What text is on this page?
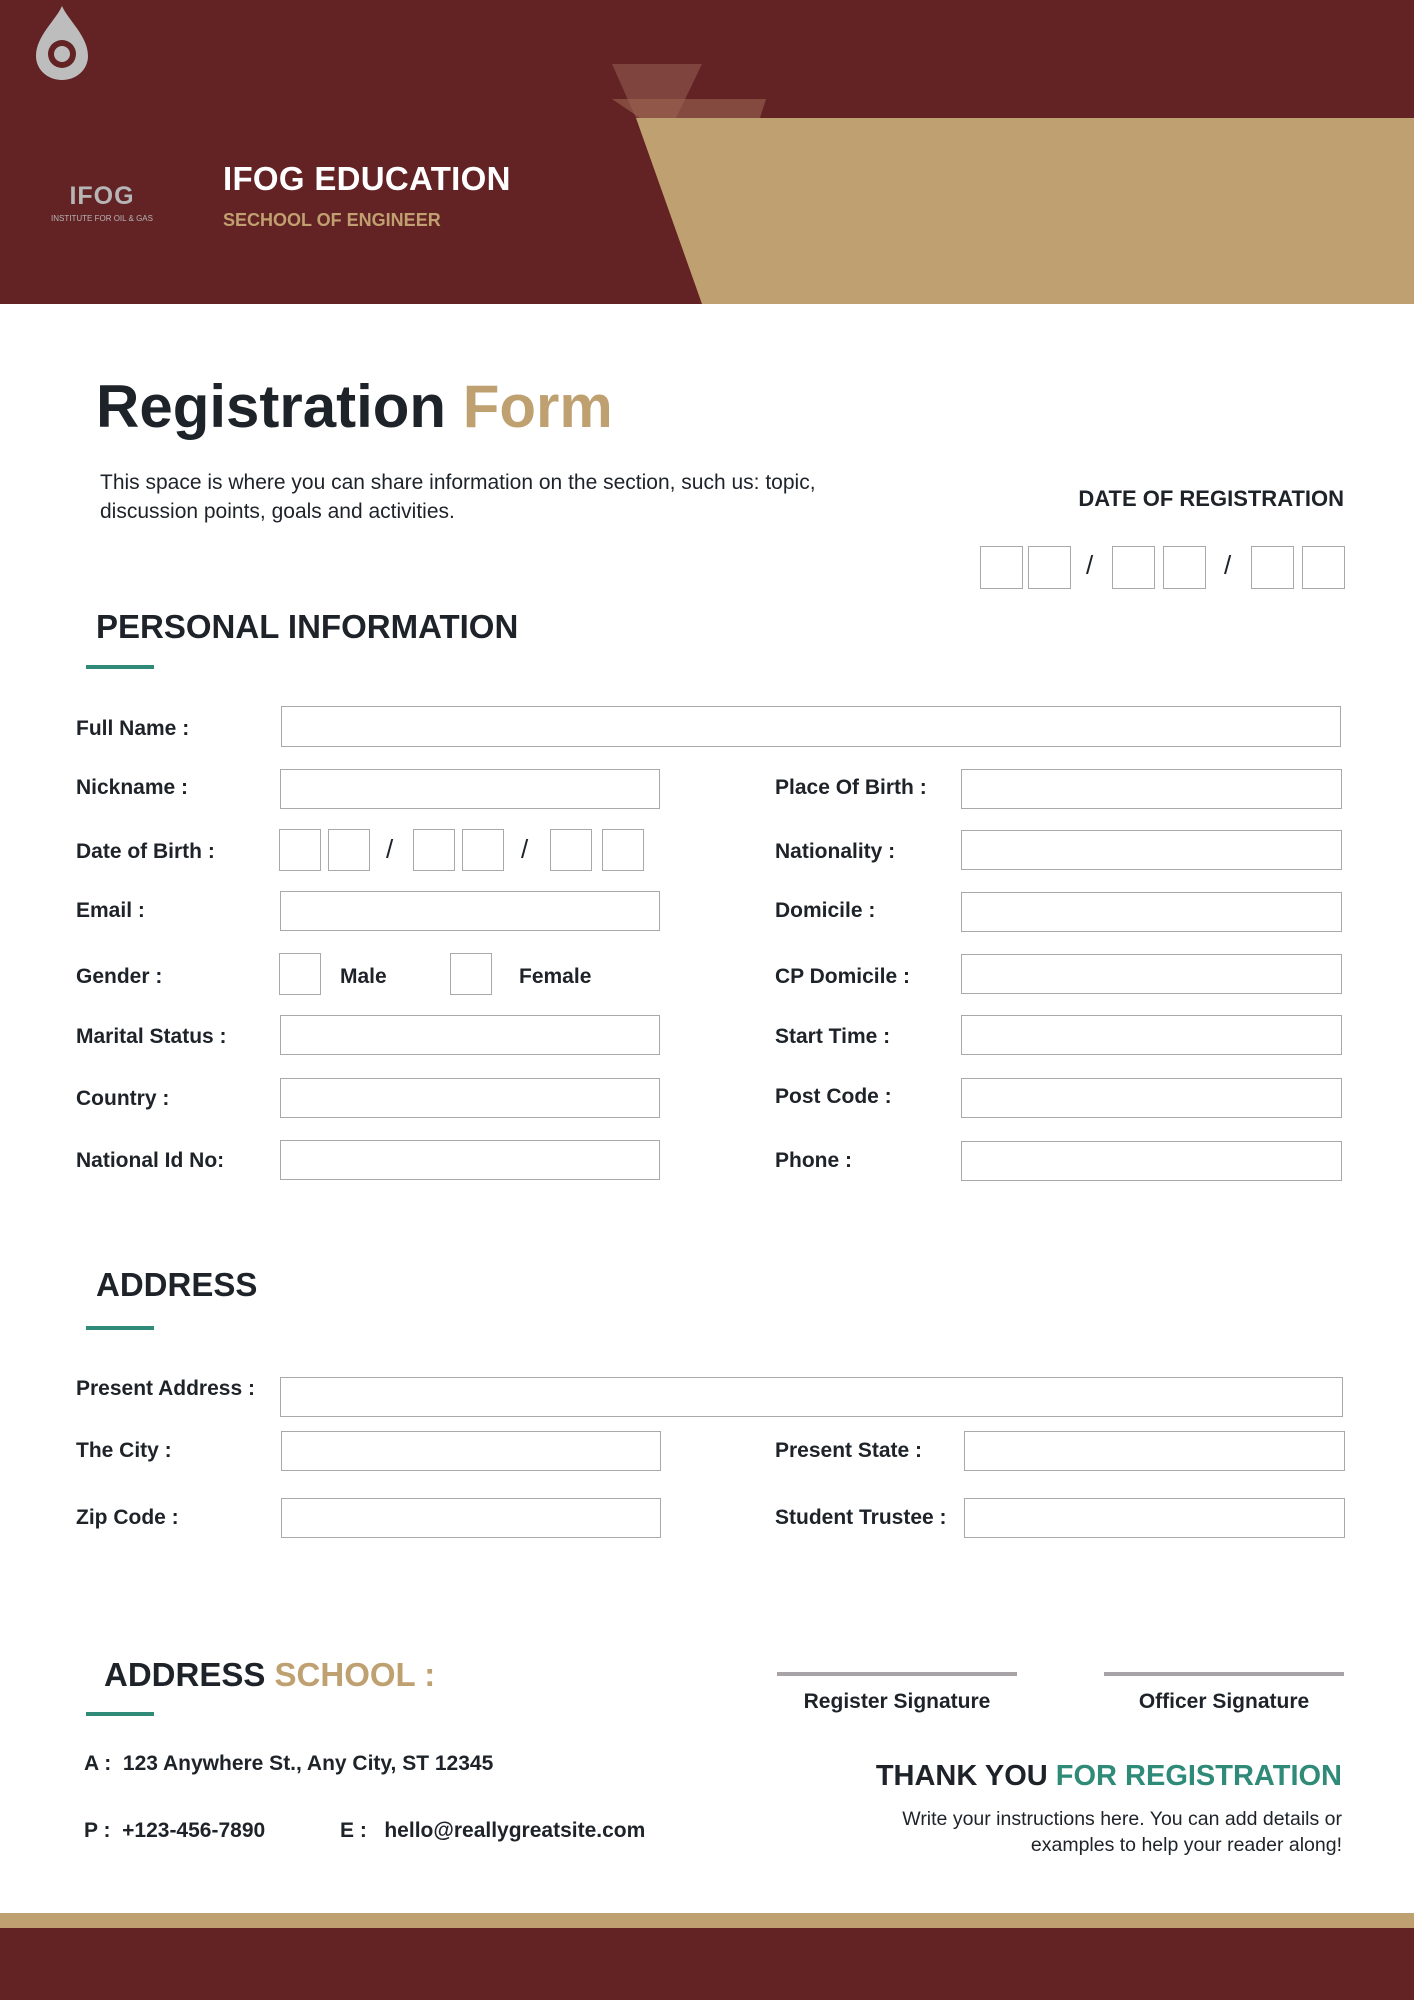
IFOG
INSTITUTE FOR OIL & GAS
IFOG EDUCATION
SECHOOL OF ENGINEER
Registration Form
This space is where you can share information on the section, such us: topic, discussion points, goals and activities.
DATE OF REGISTRATION
/	/
PERSONAL INFORMATION
Full Name :
Nickname :	Place Of Birth :
Date of Birth :	/	/	Nationality :
Email :	Domicile :
Gender :	Male	Female	CP Domicile :
Marital Status :	Start Time :
Country :	Post Code :
National Id No:	Phone :
ADDRESS
Present Address :
The City :	Present State :
Zip Code :	Student Trustee :
ADDRESS SCHOOL :
A : 123 Anywhere St., Any City, ST 12345
P : +123-456-7890	E : hello@reallygreatsite.com
Register Signature	Officer Signature
THANK YOU FOR REGISTRATION
Write your instructions here. You can add details or examples to help your reader along!
